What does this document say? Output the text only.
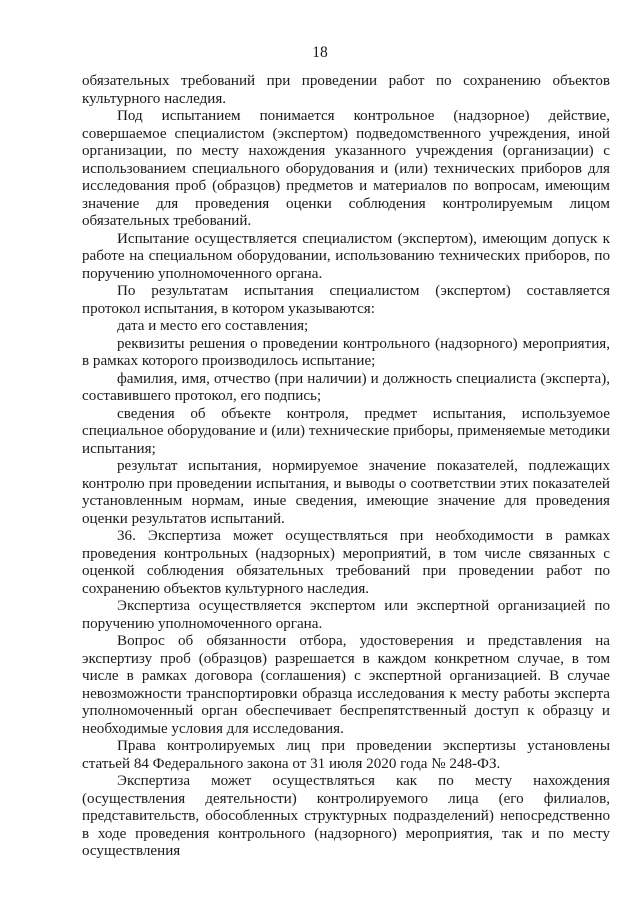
18

обязательных требований при проведении работ по сохранению объектов культурного наследия.

Под испытанием понимается контрольное (надзорное) действие, совершаемое специалистом (экспертом) подведомственного учреждения, иной организации, по месту нахождения указанного учреждения (организации) с использованием специального оборудования и (или) технических приборов для исследования проб (образцов) предметов и материалов по вопросам, имеющим значение для проведения оценки соблюдения контролируемым лицом обязательных требований.

Испытание осуществляется специалистом (экспертом), имеющим допуск к работе на специальном оборудовании, использованию технических приборов, по поручению уполномоченного органа.

По результатам испытания специалистом (экспертом) составляется протокол испытания, в котором указываются:

дата и место его составления;

реквизиты решения о проведении контрольного (надзорного) мероприятия, в рамках которого производилось испытание;

фамилия, имя, отчество (при наличии) и должность специалиста (эксперта), составившего протокол, его подпись;

сведения об объекте контроля, предмет испытания, используемое специальное оборудование и (или) технические приборы, применяемые методики испытания;

результат испытания, нормируемое значение показателей, подлежащих контролю при проведении испытания, и выводы о соответствии этих показателей установленным нормам, иные сведения, имеющие значение для проведения оценки результатов испытаний.

36. Экспертиза может осуществляться при необходимости в рамках проведения контрольных (надзорных) мероприятий, в том числе связанных с оценкой соблюдения обязательных требований при проведении работ по сохранению объектов культурного наследия.

Экспертиза осуществляется экспертом или экспертной организацией по поручению уполномоченного органа.

Вопрос об обязанности отбора, удостоверения и представления на экспертизу проб (образцов) разрешается в каждом конкретном случае, в том числе в рамках договора (соглашения) с экспертной организацией. В случае невозможности транспортировки образца исследования к месту работы эксперта уполномоченный орган обеспечивает беспрепятственный доступ к образцу и необходимые условия для исследования.

Права контролируемых лиц при проведении экспертизы установлены статьей 84 Федерального закона от 31 июля 2020 года № 248-ФЗ.

Экспертиза может осуществляться как по месту нахождения (осуществления деятельности) контролируемого лица (его филиалов, представительств, обособленных структурных подразделений) непосредственно в ходе проведения контрольного (надзорного) мероприятия, так и по месту осуществления
